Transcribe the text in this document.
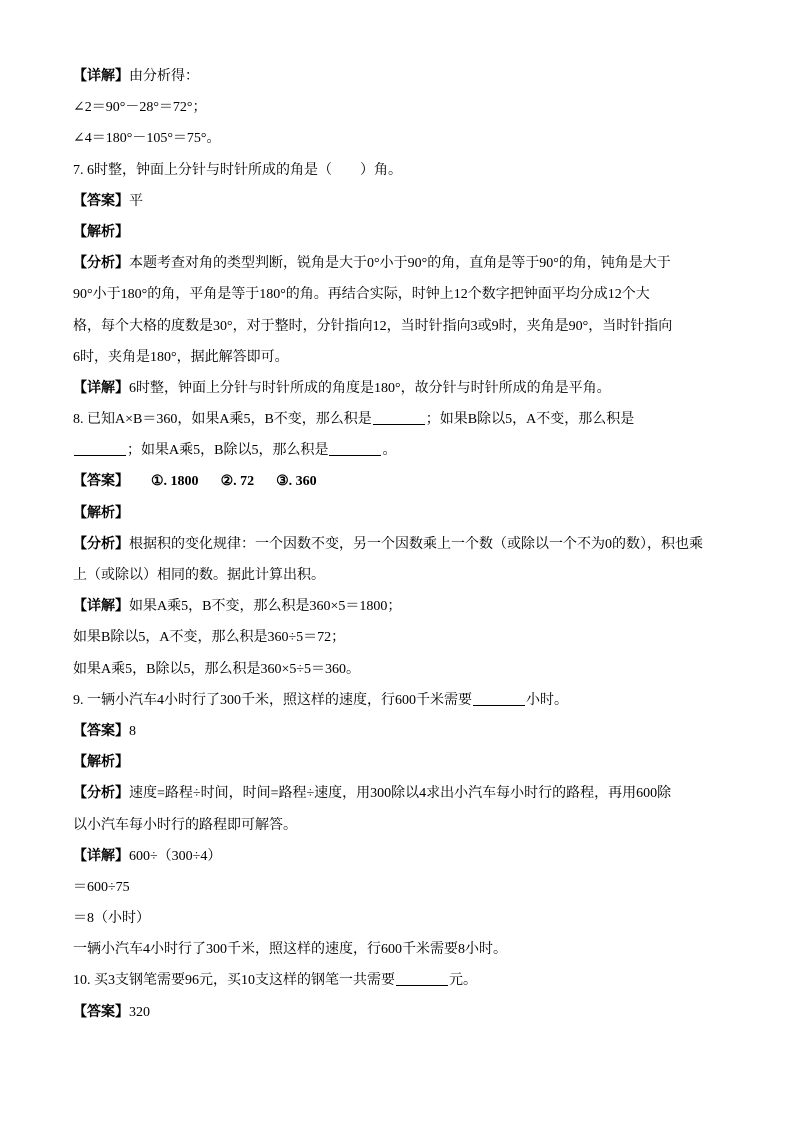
【详解】由分析得：
∠2＝90°－28°＝72°；
∠4＝180°－105°＝75°。
7. 6时整，钟面上分针与时针所成的角是（　　）角。
【答案】平
【解析】
【分析】本题考查对角的类型判断，锐角是大于0°小于90°的角，直角是等于90°的角，钝角是大于
90°小于180°的角，平角是等于180°的角。再结合实际，时钟上12个数字把钟面平均分成12个大
格，每个大格的度数是30°，对于整时，分针指向12，当时针指向3或9时，夹角是90°，当时针指向
6时，夹角是180°，据此解答即可。
【详解】6时整，钟面上分针与时针所成的角度是180°，故分针与时针所成的角是平角。
8. 已知A×B＝360，如果A乘5，B不变，那么积是	；如果B除以5，A不变，那么积是
；如果A乘5，B除以5，那么积是	。
【答案】 ①. 1800 ②. 72 ③. 360
【解析】
【分析】根据积的变化规律：一个因数不变，另一个因数乘上一个数（或除以一个不为0的数），积也乘
上（或除以）相同的数。据此计算出积。
【详解】如果A乘5，B不变，那么积是360×5＝1800；
如果B除以5，A不变，那么积是360÷5＝72；
如果A乘5，B除以5，那么积是360×5÷5＝360。
9. 一辆小汽车4小时行了300千米，照这样的速度，行600千米需要	小时。
【答案】8
【解析】
【分析】速度=路程÷时间，时间=路程÷速度，用300除以4求出小汽车每小时行的路程，再用600除
以小汽车每小时行的路程即可解答。
【详解】600÷（300÷4）
＝600÷75
＝8（小时）
一辆小汽车4小时行了300千米，照这样的速度，行600千米需要8小时。
10. 买3支钢笔需要96元，买10支这样的钢笔一共需要	元。
【答案】320
